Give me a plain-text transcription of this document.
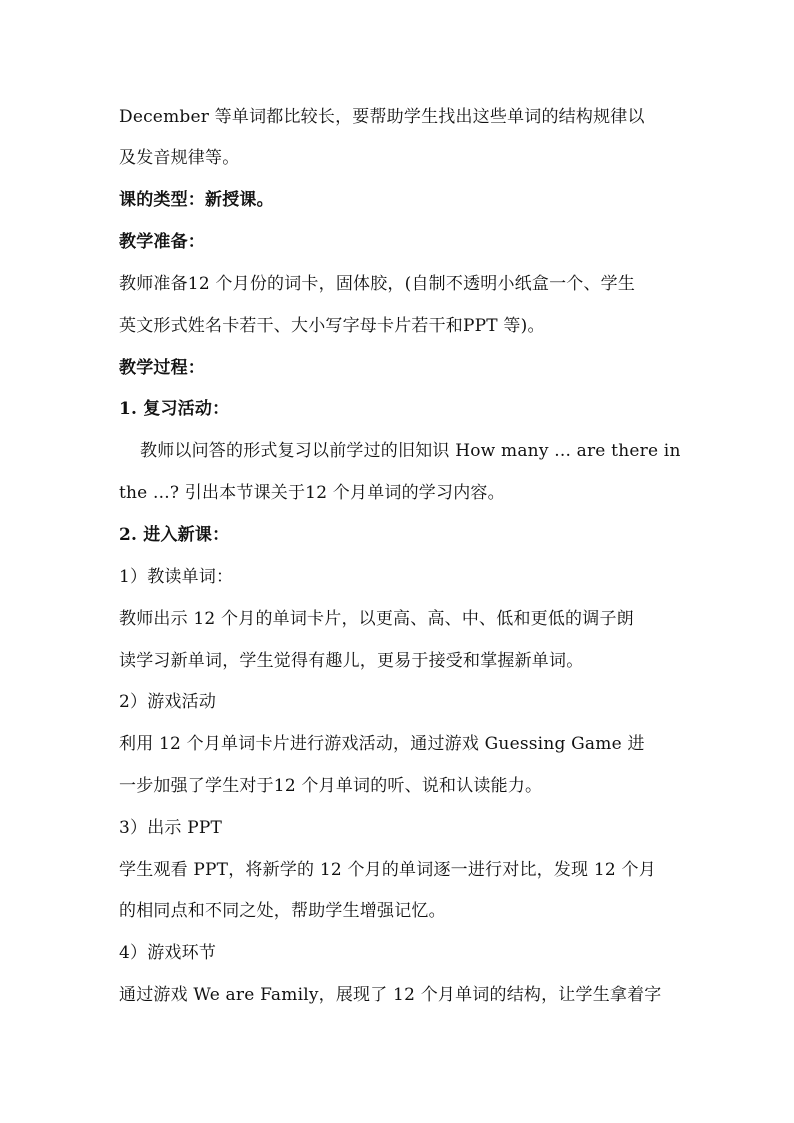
December 等单词都比较长，要帮助学生找出这些单词的结构规律以
及发音规律等。
课的类型：新授课。
教学准备：
教师准备12 个月份的词卡，固体胶，(自制不透明小纸盒一个、学生
英文形式姓名卡若干、大小写字母卡片若干和PPT 等)。
教学过程：
1. 复习活动：
教师以问答的形式复习以前学过的旧知识 How many ... are there in
the ...? 引出本节课关于12 个月单词的学习内容。
2. 进入新课：
1）教读单词：
教师出示 12 个月的单词卡片，以更高、高、中、低和更低的调子朗
读学习新单词，学生觉得有趣儿，更易于接受和掌握新单词。
2）游戏活动
利用 12 个月单词卡片进行游戏活动，通过游戏 Guessing Game 进
一步加强了学生对于12 个月单词的听、说和认读能力。
3）出示 PPT
学生观看 PPT，将新学的 12 个月的单词逐一进行对比，发现 12 个月
的相同点和不同之处，帮助学生增强记忆。
4）游戏环节
通过游戏 We are Family，展现了 12 个月单词的结构，让学生拿着字
